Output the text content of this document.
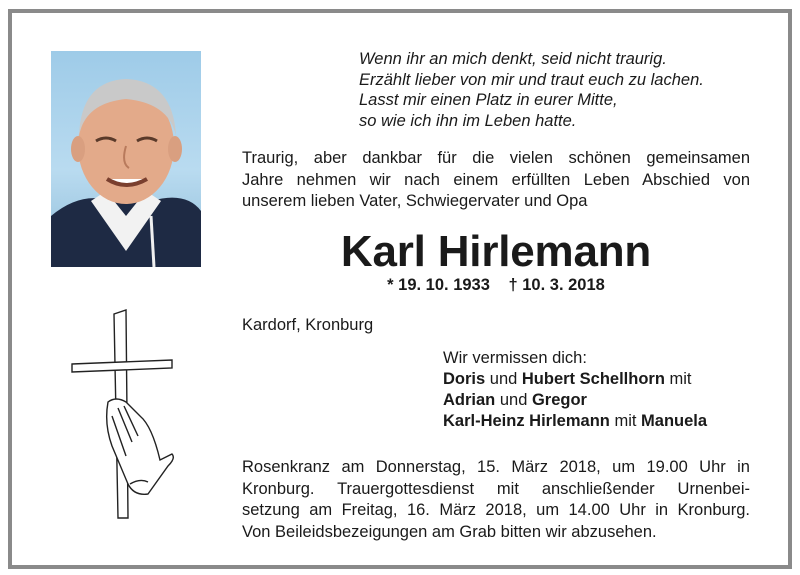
Wenn ihr an mich denkt, seid nicht traurig.
Erzählt lieber von mir und traut euch zu lachen.
Lasst mir einen Platz in eurer Mitte,
so wie ich ihn im Leben hatte.
Traurig, aber dankbar für die vielen schönen gemeinsamen
Jahre nehmen wir nach einem erfüllten Leben Abschied von
unserem lieben Vater, Schwiegervater und Opa
Karl Hirlemann
* 19. 10. 1933 † 10. 3. 2018
Kardorf, Kronburg
Wir vermissen dich:
Doris und Hubert Schellhorn mit
Adrian und Gregor
Karl-Heinz Hirlemann mit Manuela
Rosenkranz am Donnerstag, 15. März 2018, um 19.00 Uhr in
Kronburg. Trauergottesdienst mit anschließender Urnenbei-
setzung am Freitag, 16. März 2018, um 14.00 Uhr in Kronburg.
Von Beileidsbezeigungen am Grab bitten wir abzusehen.
